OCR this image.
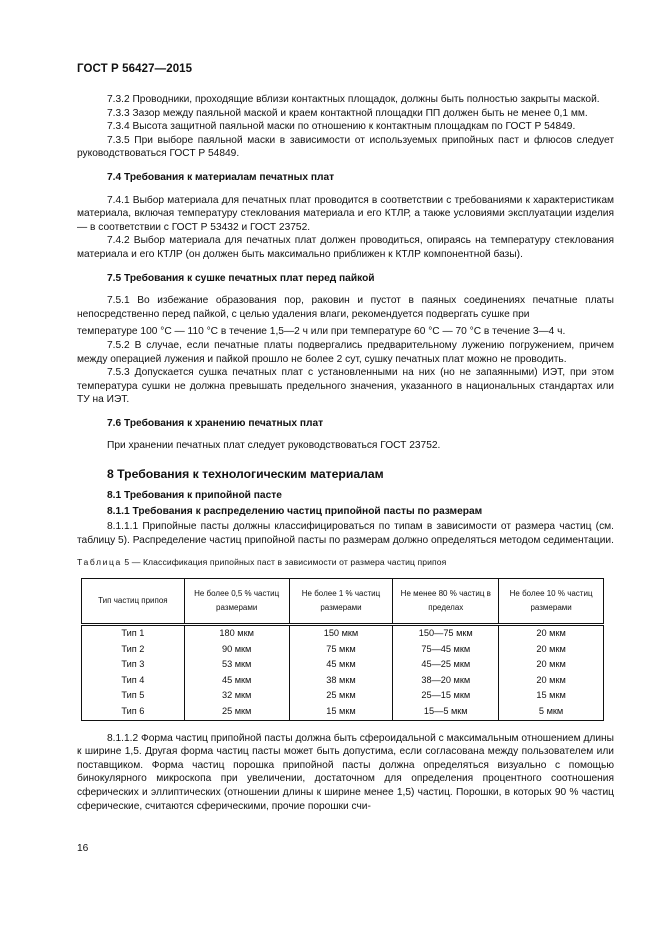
ГОСТ Р 56427—2015

7.3.2 Проводники, проходящие вблизи контактных площадок, должны быть полностью закрыты маской.

7.3.3 Зазор между паяльной маской и краем контактной площадки ПП должен быть не менее 0,1 мм.

7.3.4 Высота защитной паяльной маски по отношению к контактным площадкам по ГОСТ Р 54849.

7.3.5 При выборе паяльной маски в зависимости от используемых припойных паст и флюсов следует руководствоваться ГОСТ Р 54849.

7.4 Требования к материалам печатных плат

7.4.1 Выбор материала для печатных плат проводится в соответствии с требованиями к характеристикам материала, включая температуру стеклования материала и его КТЛР, а также условиями эксплуатации изделия — в соответствии с ГОСТ Р 53432 и ГОСТ 23752.

7.4.2 Выбор материала для печатных плат должен проводиться, опираясь на температуру стеклования материала и его КТЛР (он должен быть максимально приближен к КТЛР компонентной базы).

7.5 Требования к сушке печатных плат перед пайкой

7.5.1 Во избежание образования пор, раковин и пустот в паяных соединениях печатные платы непосредственно перед пайкой, с целью удаления влаги, рекомендуется подвергать сушке при

температуре 100 °C — 110 °C в течение 1,5—2 ч или при температуре 60 °C — 70 °C в течение 3—4 ч.

7.5.2 В случае, если печатные платы подвергались предварительному лужению погружением, причем между операцией лужения и пайкой прошло не более 2 сут, сушку печатных плат можно не проводить.

7.5.3 Допускается сушка печатных плат с установленными на них (но не запаянными) ИЭТ, при этом температура сушки не должна превышать предельного значения, указанного в национальных стандартах или ТУ на ИЭТ.

7.6 Требования к хранению печатных плат

При хранении печатных плат следует руководствоваться ГОСТ 23752.

8 Требования к технологическим материалам

8.1 Требования к припойной пасте

8.1.1 Требования к распределению частиц припойной пасты по размерам

8.1.1.1 Припойные пасты должны классифицироваться по типам в зависимости от размера частиц (см. таблицу 5). Распределение частиц припойной пасты по размерам должно определяться методом седиментации.

Таблица 5 — Классификация припойных паст в зависимости от размера частиц припоя

Тип частиц припоя	Не более 0,5 % частиц размерами	Не более 1 % частиц размерами	Не менее 80 % частиц в пределах	Не более 10 % частиц размерами
Тип 1	180 мкм	150 мкм	150—75 мкм	20 мкм
Тип 2	90 мкм	75 мкм	75—45 мкм	20 мкм
Тип 3	53 мкм	45 мкм	45—25 мкм	20 мкм
Тип 4	45 мкм	38 мкм	38—20 мкм	20 мкм
Тип 5	32 мкм	25 мкм	25—15 мкм	15 мкм
Тип 6	25 мкм	15 мкм	15—5 мкм	5 мкм

8.1.1.2 Форма частиц припойной пасты должна быть сфероидальной с максимальным отношением длины к ширине 1,5. Другая форма частиц пасты может быть допустима, если согласована между пользователем или поставщиком. Форма частиц порошка припойной пасты должна определяться визуально с помощью бинокулярного микроскопа при увеличении, достаточном для определения процентного соотношения сферических и эллиптических (отношении длины к ширине менее 1,5) частиц. Порошки, в которых 90 % частиц сферические, считаются сферическими, прочие порошки счи-

16
